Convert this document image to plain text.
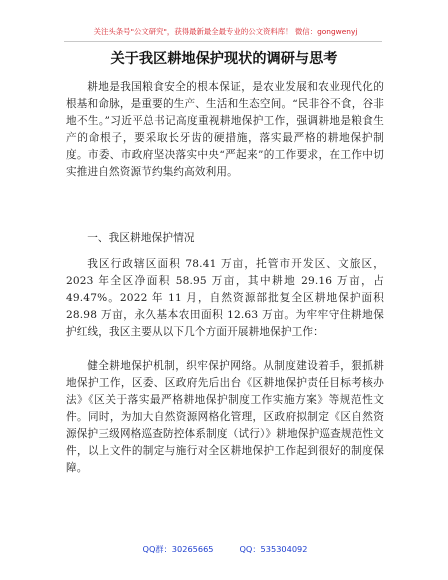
关注头条号"公文研究"，获得最新最全最专业的公文资料库！ 微信：gongwenyj
关于我区耕地保护现状的调研与思考
耕地是我国粮食安全的根本保证，是农业发展和农业现代化的根基和命脉，是重要的生产、生活和生态空间。“民非谷不食，谷非地不生。”习近平总书记高度重视耕地保护工作，强调耕地是粮食生产的命根子，要采取长牙齿的硬措施，落实最严格的耕地保护制度。市委、市政府坚决落实中央“严起来”的工作要求，在工作中切实推进自然资源节约集约高效利用。
一、我区耕地保护情况
我区行政辖区面积 78.41 万亩，托管市开发区、文旅区，2023 年全区净面积 58.95 万亩，其中耕地 29.16 万亩，占 49.47%。2022 年 11 月，自然资源部批复全区耕地保护面积 28.98 万亩，永久基本农田面积 12.63 万亩。为牢牢守住耕地保护红线，我区主要从以下几个方面开展耕地保护工作：
健全耕地保护机制，织牢保护网络。从制度建设着手，狠抓耕地保护工作，区委、区政府先后出台《区耕地保护责任目标考核办法》《区关于落实最严格耕地保护制度工作实施方案》等规范性文件。同时，为加大自然资源网格化管理，区政府拟制定《区自然资源保护三级网格巡查防控体系制度（试行）》耕地保护巡查规范性文件，以上文件的制定与施行对全区耕地保护工作起到很好的制度保障。
QQ群：30265665	QQ：535304092
